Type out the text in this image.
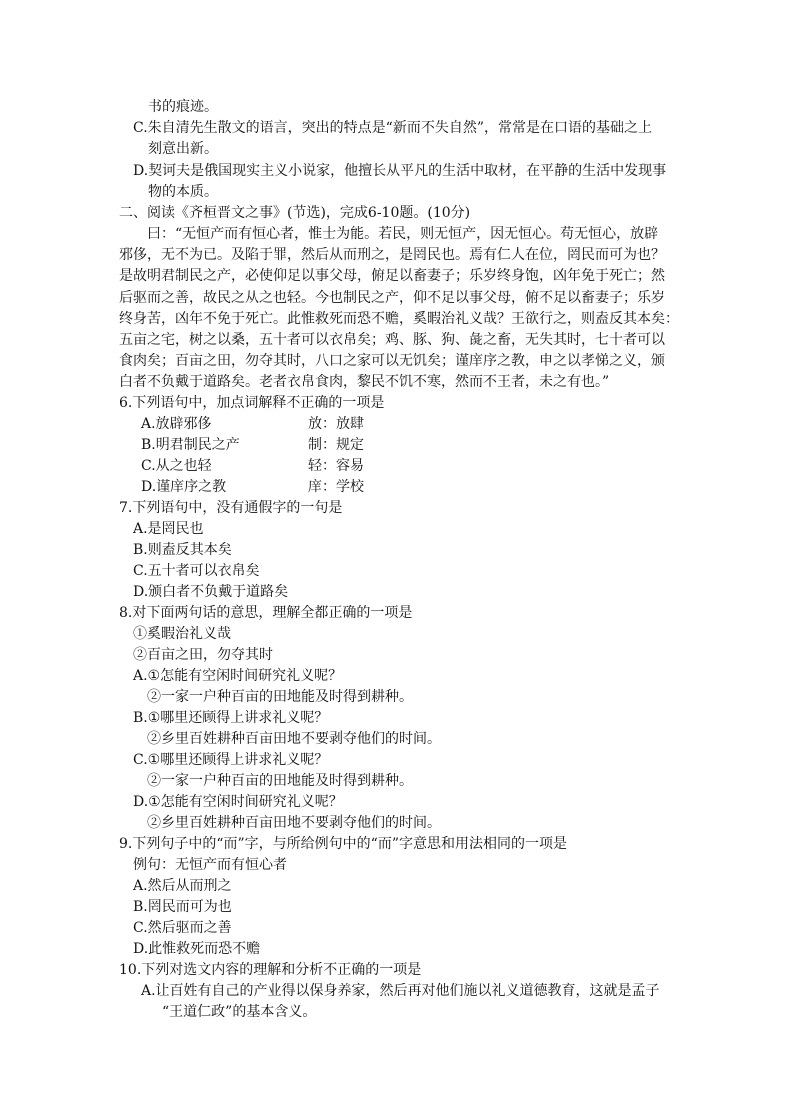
书的痕迹。
C.朱自清先生散文的语言，突出的特点是“新而不失自然”，常常是在口语的基础之上
刻意出新。
D.契诃夫是俄国现实主义小说家，他擅长从平凡的生活中取材，在平静的生活中发现事
物的本质。
二、阅读《齐桓晋文之事》(节选)，完成6-10题。(10分)
曰：“无恒产而有恒心者，惟士为能。若民，则无恒产，因无恒心。苟无恒心，放辟
邪侈，无不为已。及陷于罪，然后从而刑之，是罔民也。焉有仁人在位，罔民而可为也？
是故明君制民之产，必使仰足以事父母，俯足以畜妻子；乐岁终身饱，凶年免于死亡；然
后驱而之善，故民之从之也轻。今也制民之产，仰不足以事父母，俯不足以畜妻子；乐岁
终身苦，凶年不免于死亡。此惟救死而恐不赡，奚暇治礼义哉？王欲行之，则盍反其本矣：
五亩之宅，树之以桑，五十者可以衣帛矣；鸡、豚、狗、彘之畜，无失其时，七十者可以
食肉矣；百亩之田，勿夺其时，八口之家可以无饥矣；谨庠序之教，申之以孝悌之义，颁
白者不负戴于道路矣。老者衣帛食肉，黎民不饥不寒，然而不王者，未之有也。”
6.下列语句中，加点词解释不正确的一项是
A.放辟邪侈	放：放肆
B.明君制民之产	制：规定
C.从之也轻	轻：容易
D.谨庠序之教	庠：学校
7.下列语句中，没有通假字的一句是
A.是罔民也
B.则盍反其本矣
C.五十者可以衣帛矣
D.颁白者不负戴于道路矣
8.对下面两句话的意思，理解全都正确的一项是
①奚暇治礼义哉
②百亩之田，勿夺其时
A.①怎能有空闲时间研究礼义呢？
②一家一户种百亩的田地能及时得到耕种。
B.①哪里还顾得上讲求礼义呢？
②乡里百姓耕种百亩田地不要剥夺他们的时间。
C.①哪里还顾得上讲求礼义呢？
②一家一户种百亩的田地能及时得到耕种。
D.①怎能有空闲时间研究礼义呢？
②乡里百姓耕种百亩田地不要剥夺他们的时间。
9.下列句子中的“而”字，与所给例句中的“而”字意思和用法相同的一项是
例句：无恒产而有恒心者
A.然后从而刑之
B.罔民而可为也
C.然后驱而之善
D.此惟救死而恐不赡
10.下列对选文内容的理解和分析不正确的一项是
A.让百姓有自己的产业得以保身养家，然后再对他们施以礼义道德教育，这就是孟子
“王道仁政”的基本含义。
